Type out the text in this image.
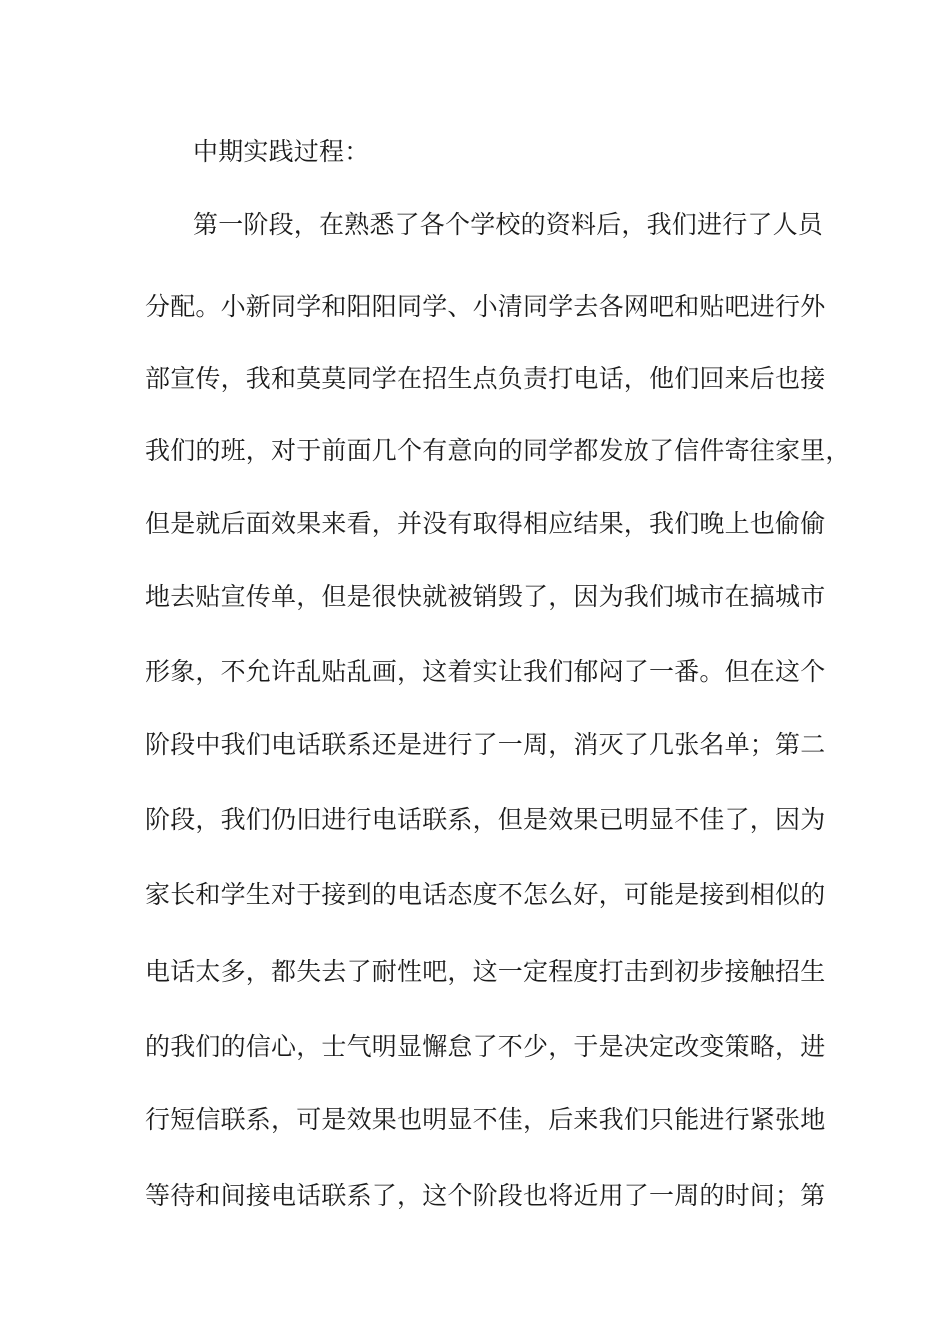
中期实践过程：
第一阶段，在熟悉了各个学校的资料后，我们进行了人员
分配。小新同学和阳阳同学、小清同学去各网吧和贴吧进行外
部宣传，我和莫莫同学在招生点负责打电话，他们回来后也接
我们的班，对于前面几个有意向的同学都发放了信件寄往家里，
但是就后面效果来看，并没有取得相应结果，我们晚上也偷偷
地去贴宣传单，但是很快就被销毁了，因为我们城市在搞城市
形象，不允许乱贴乱画，这着实让我们郁闷了一番。但在这个
阶段中我们电话联系还是进行了一周，消灭了几张名单；第二
阶段，我们仍旧进行电话联系，但是效果已明显不佳了，因为
家长和学生对于接到的电话态度不怎么好，可能是接到相似的
电话太多，都失去了耐性吧，这一定程度打击到初步接触招生
的我们的信心，士气明显懈怠了不少，于是决定改变策略，进
行短信联系，可是效果也明显不佳，后来我们只能进行紧张地
等待和间接电话联系了，这个阶段也将近用了一周的时间；第
